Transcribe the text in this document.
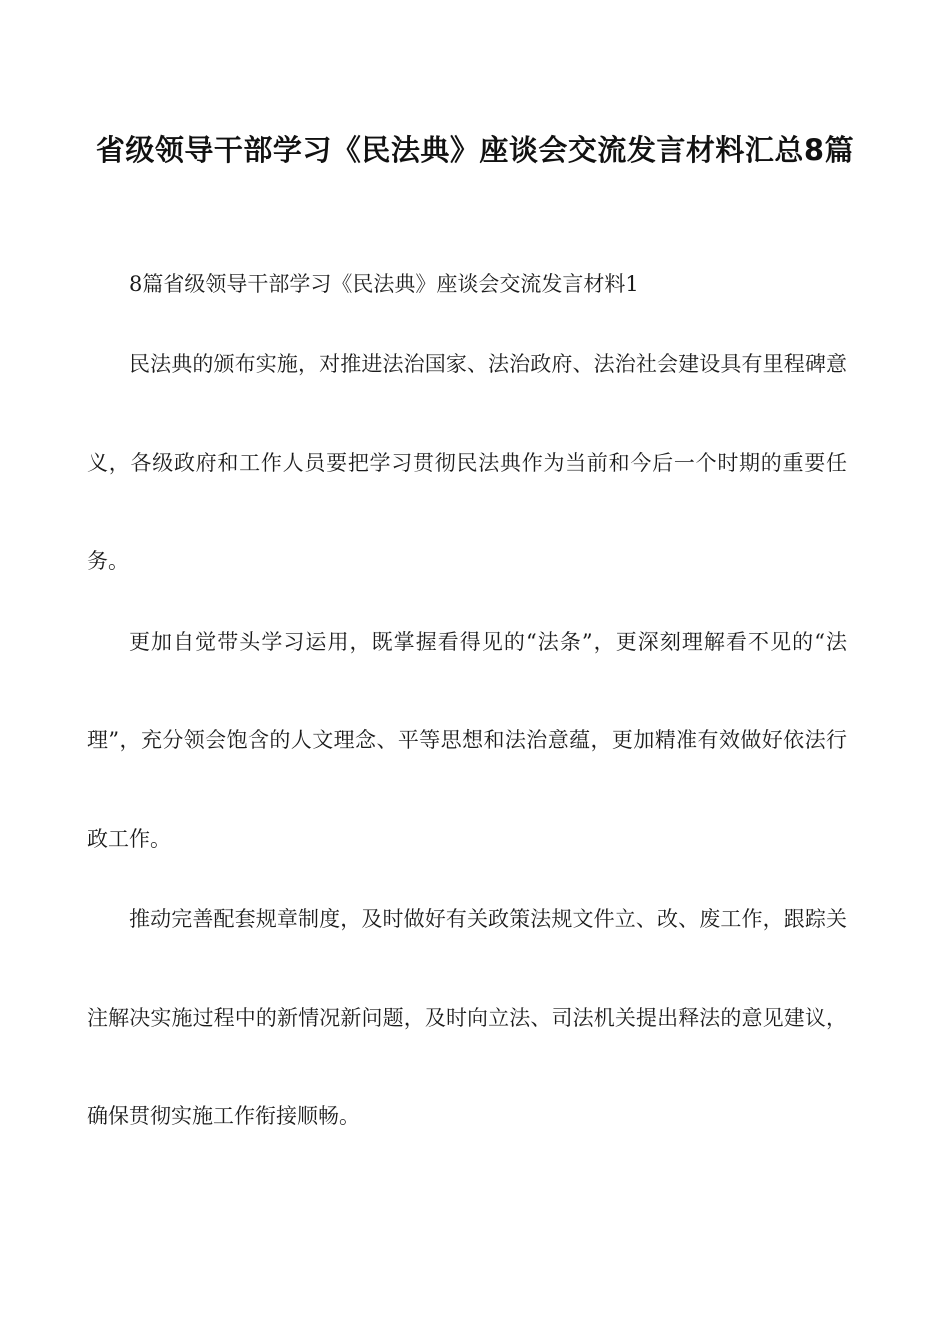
省级领导干部学习《民法典》座谈会交流发言材料汇总8篇

8篇省级领导干部学习《民法典》座谈会交流发言材料1

民法典的颁布实施，对推进法治国家、法治政府、法治社会建设具有里程碑意义，各级政府和工作人员要把学习贯彻民法典作为当前和今后一个时期的重要任务。

更加自觉带头学习运用，既掌握看得见的“法条”，更深刻理解看不见的“法理”，充分领会饱含的人文理念、平等思想和法治意蕴，更加精准有效做好依法行政工作。

推动完善配套规章制度，及时做好有关政策法规文件立、改、废工作，跟踪关注解决实施过程中的新情况新问题，及时向立法、司法机关提出释法的意见建议，确保贯彻实施工作衔接顺畅。
